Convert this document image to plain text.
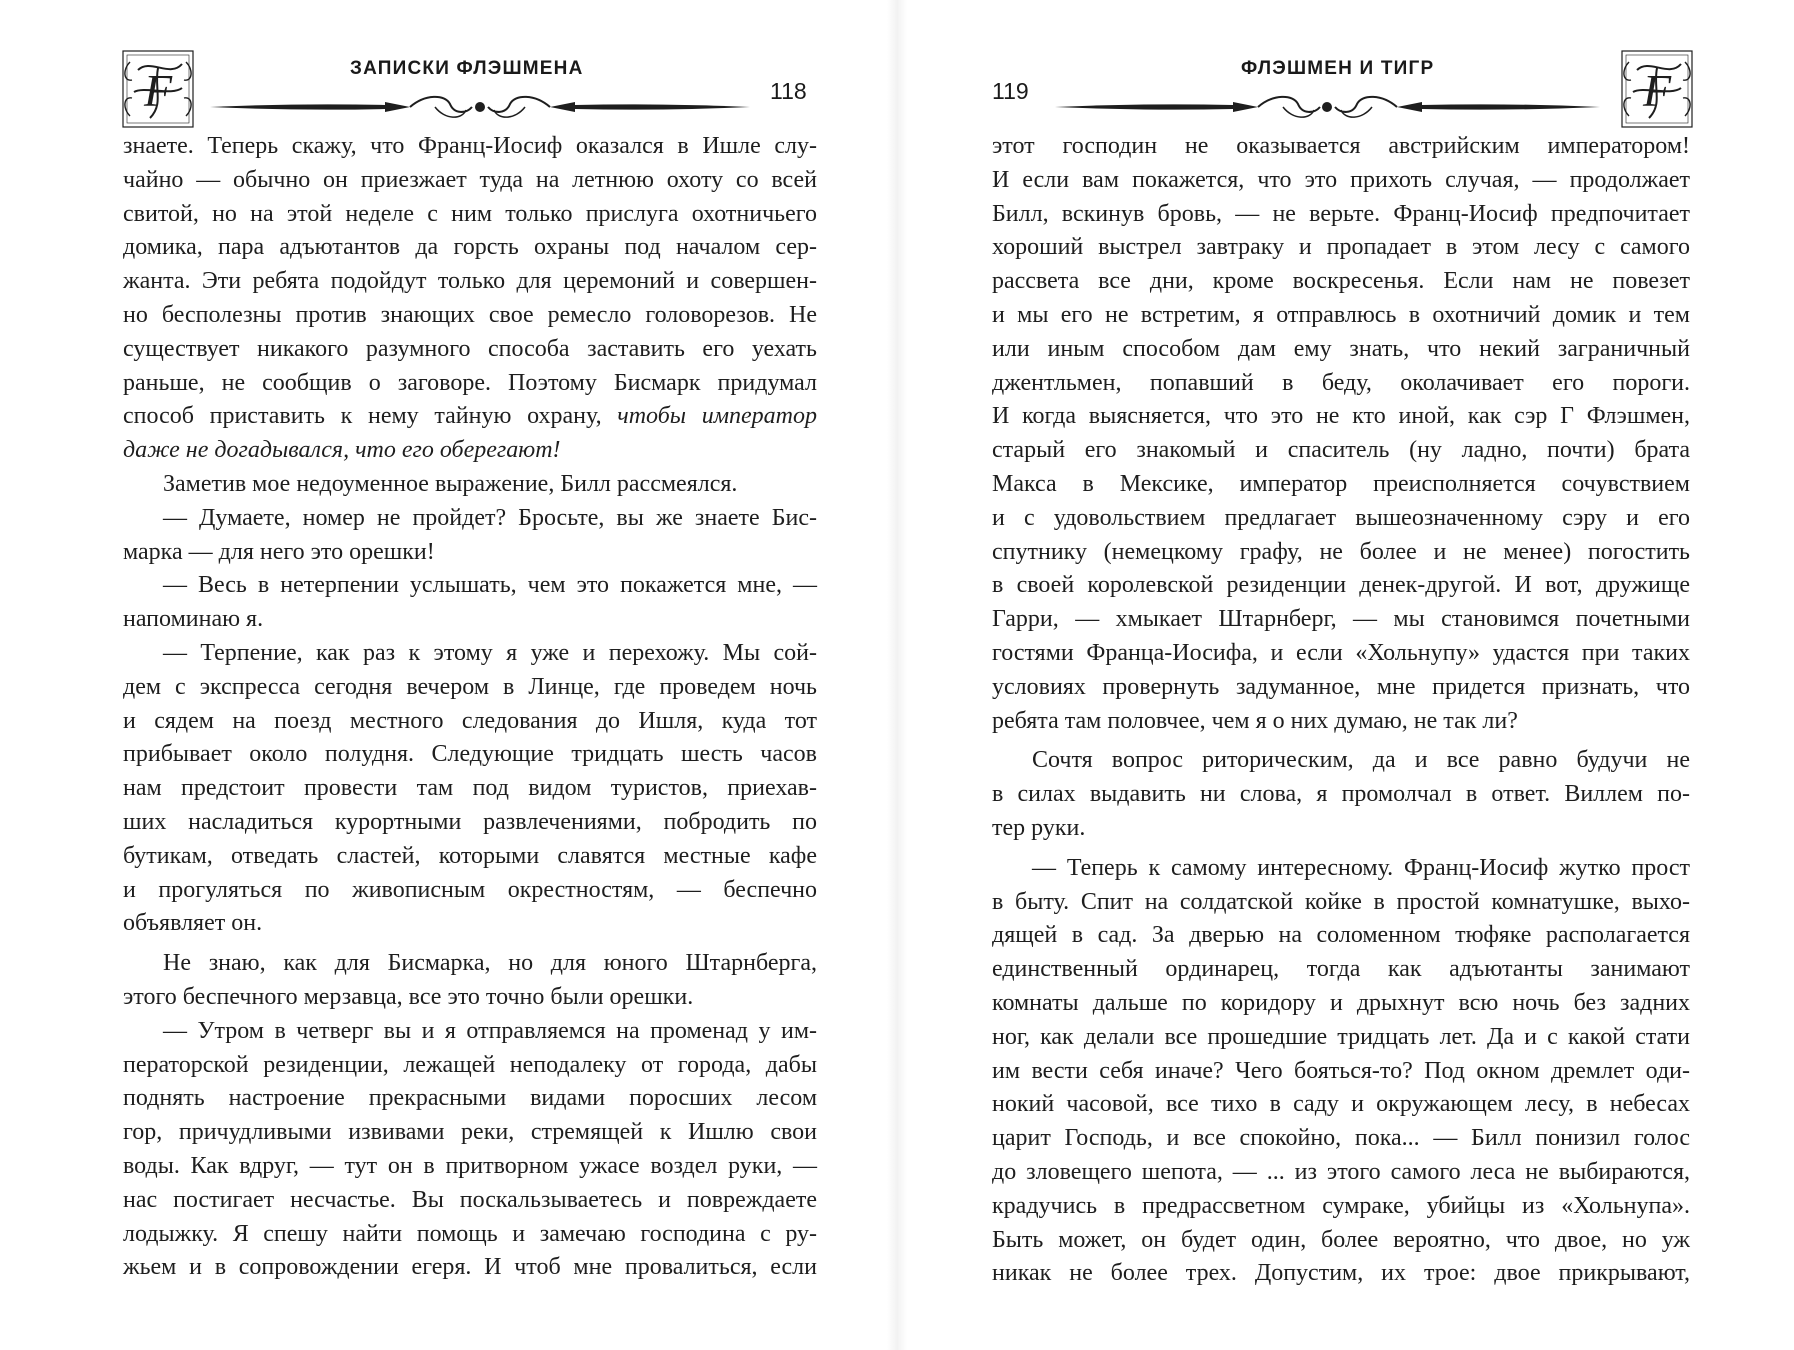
F	ЗАПИСКИ ФЛЭШМЕНА
118
знаете. Теперь скажу, что Франц-Иосиф оказался в Ишле слу-
чайно — обычно он приезжает туда на летнюю охоту со всей
свитой, но на этой неделе с ним только прислуга охотничьего
домика, пара адъютантов да горсть охраны под началом сер-
жанта. Эти ребята подойдут только для церемоний и совершен-
но бесполезны против знающих свое ремесло головорезов. Не
существует никакого разумного способа заставить его уехать
раньше, не сообщив о заговоре. Поэтому Бисмарк придумал
способ приставить к нему тайную охрану, чтобы император
даже не догадывался, что его оберегают!
Заметив мое недоуменное выражение, Билл рассмеялся.
— Думаете, номер не пройдет? Бросьте, вы же знаете Бис-
марка — для него это орешки!
— Весь в нетерпении услышать, чем это покажется мне, —
напоминаю я.
— Терпение, как раз к этому я уже и перехожу. Мы сой-
дем с экспресса сегодня вечером в Линце, где проведем ночь
и сядем на поезд местного следования до Ишля, куда тот
прибывает около полудня. Следующие тридцать шесть часов
нам предстоит провести там под видом туристов, приехав-
ших насладиться курортными развлечениями, побродить по
бутикам, отведать сластей, которыми славятся местные кафе
и прогуляться по живописным окрестностям, — беспечно
объявляет он.
Не знаю, как для Бисмарка, но для юного Штарнберга,
этого беспечного мерзавца, все это точно были орешки.
— Утром в четверг вы и я отправляемся на променад у им-
ператорской резиденции, лежащей неподалеку от города, дабы
поднять настроение прекрасными видами поросших лесом
гор, причудливыми извивами реки, стремящей к Ишлю свои
воды. Как вдруг, — тут он в притворном ужасе воздел руки, —
нас постигает несчастье. Вы поскальзываетесь и повреждаете
лодыжку. Я спешу найти помощь и замечаю господина с ру-
жьем и в сопровождении егеря. И чтоб мне провалиться, если
F
ФЛЭШМЕН И ТИГР
119
этот господин не оказывается австрийским императором!
И если вам покажется, что это прихоть случая, — продолжает
Билл, вскинув бровь, — не верьте. Франц-Иосиф предпочитает
хороший выстрел завтраку и пропадает в этом лесу с самого
рассвета все дни, кроме воскресенья. Если нам не повезет
и мы его не встретим, я отправлюсь в охотничий домик и тем
или иным способом дам ему знать, что некий заграничный
джентльмен, попавший в беду, околачивает его пороги.
И когда выясняется, что это не кто иной, как сэр Г Флэшмен,
старый его знакомый и спаситель (ну ладно, почти) брата
Макса в Мексике, император преисполняется сочувствием
и с удовольствием предлагает вышеозначенному сэру и его
спутнику (немецкому графу, не более и не менее) погостить
в своей королевской резиденции денек-другой. И вот, дружище
Гарри, — хмыкает Штарнберг, — мы становимся почетными
гостями Франца-Иосифа, и если «Хольнупу» удастся при таких
условиях провернуть задуманное, мне придется признать, что
ребята там половчее, чем я о них думаю, не так ли?
Сочтя вопрос риторическим, да и все равно будучи не
в силах выдавить ни слова, я промолчал в ответ. Виллем по-
тер руки.
— Теперь к самому интересному. Франц-Иосиф жутко прост
в быту. Спит на солдатской койке в простой комнатушке, выхо-
дящей в сад. За дверью на соломенном тюфяке располагается
единственный ординарец, тогда как адъютанты занимают
комнаты дальше по коридору и дрыхнут всю ночь без задних
ног, как делали все прошедшие тридцать лет. Да и с какой стати
им вести себя иначе? Чего бояться-то? Под окном дремлет оди-
нокий часовой, все тихо в саду и окружающем лесу, в небесах
царит Господь, и все спокойно, пока... — Билл понизил голос
до зловещего шепота, — ... из этого самого леса не выбираются,
крадучись в предрассветном сумраке, убийцы из «Хольнупа».
Быть может, он будет один, более вероятно, что двое, но уж
никак не более трех. Допустим, их трое: двое прикрывают,
